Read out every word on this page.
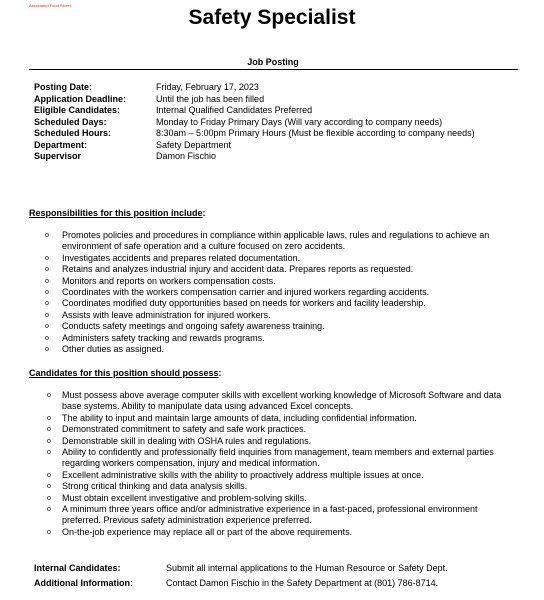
Associated Food Stores
Safety Specialist
Job Posting
Posting Date:	Friday, February 17, 2023
Application Deadline:	Until the job has been filled
Eligible Candidates:	Internal Qualified Candidates Preferred
Scheduled Days:	Monday to Friday Primary Days (Will vary according to company needs)
Scheduled Hours:	8:30am – 5:00pm Primary Hours (Must be flexible according to company needs)
Department:	Safety Department
Supervisor	Damon Fischio
Responsibilities for this position include:
o Promotes policies and procedures in compliance within applicable laws, rules and regulations to achieve an environment of safe operation and a culture focused on zero accidents.
o Investigates accidents and prepares related documentation.
o Retains and analyzes industrial injury and accident data. Prepares reports as requested.
o Monitors and reports on workers compensation costs.
o Coordinates with the workers compensation carrier and injured workers regarding accidents.
o Coordinates modified duty opportunities based on needs for workers and facility leadership.
o Assists with leave administration for injured workers.
o Conducts safety meetings and ongoing safety awareness training.
o Administers safety tracking and rewards programs.
o Other duties as assigned.
Candidates for this position should possess:
o Must possess above average computer skills with excellent working knowledge of Microsoft Software and data base systems. Ability to manipulate data using advanced Excel concepts.
o The ability to input and maintain large amounts of data, including confidential information.
o Demonstrated commitment to safety and safe work practices.
o Demonstrable skill in dealing with OSHA rules and regulations.
o Ability to confidently and professionally field inquiries from management, team members and external parties regarding workers compensation, injury and medical information.
o Excellent administrative skills with the ability to proactively address multiple issues at once.
o Strong critical thinking and data analysis skills.
o Must obtain excellent investigative and problem-solving skills.
o A minimum three years office and/or administrative experience in a fast-paced, professional environment preferred. Previous safety administration experience preferred.
o On-the-job experience may replace all or part of the above requirements.
Internal Candidates:	Submit all internal applications to the Human Resource or Safety Dept.
Additional Information:	Contact Damon Fischio in the Safety Department at (801) 786-8714.
